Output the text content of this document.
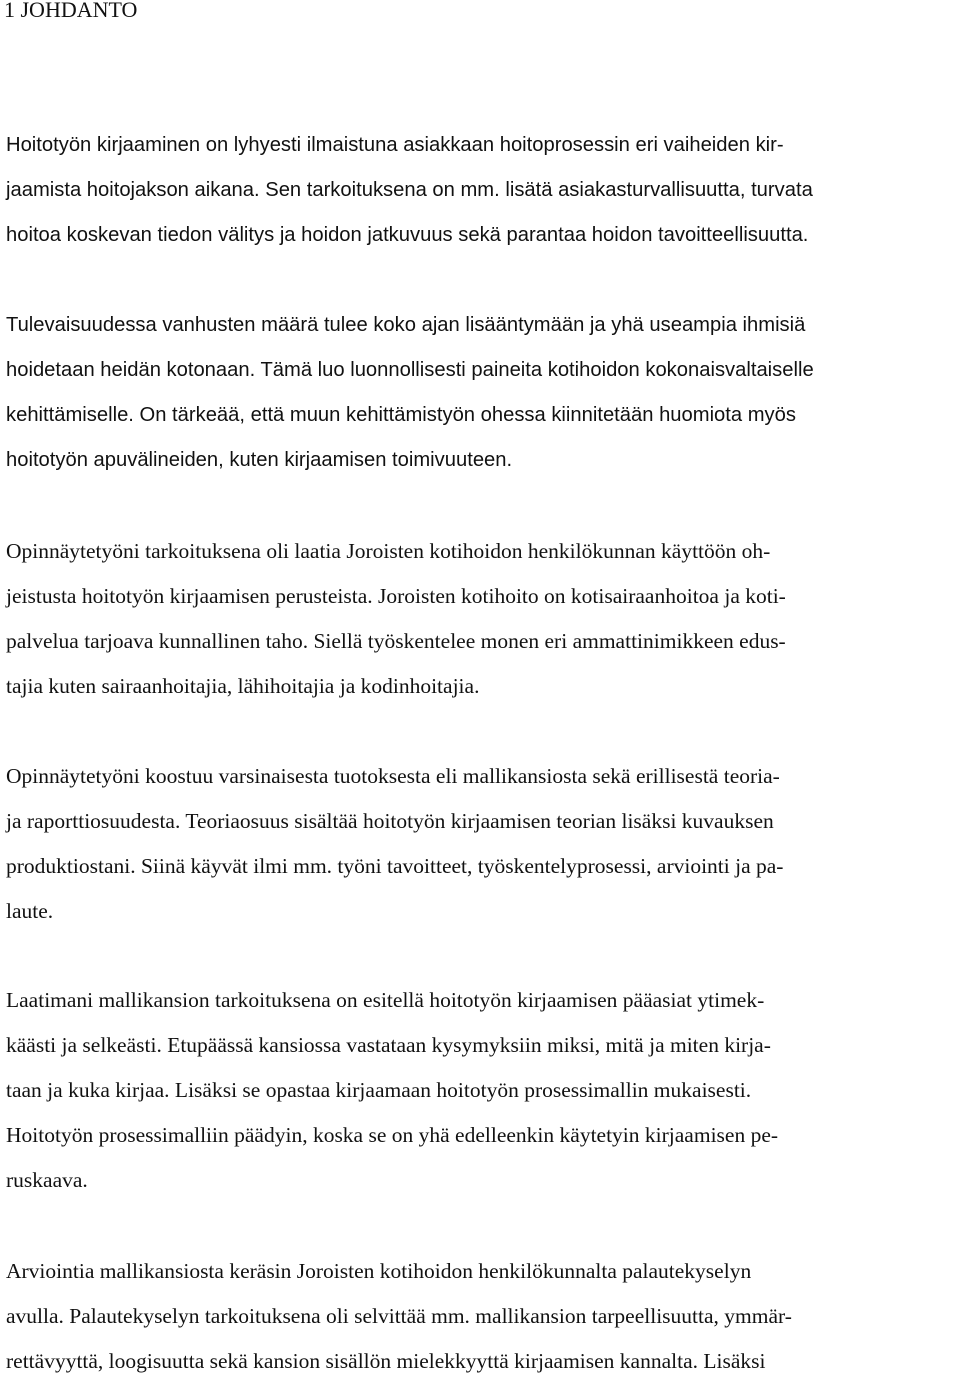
1 JOHDANTO

Hoitotyön kirjaaminen on lyhyesti ilmaistuna asiakkaan hoitoprosessin eri vaiheiden kir-
jaamista hoitojakson aikana. Sen tarkoituksena on mm. lisätä asiakasturvallisuutta, turvata
hoitoa koskevan tiedon välitys ja hoidon jatkuvuus sekä parantaa hoidon tavoitteellisuutta.

Tulevaisuudessa vanhusten määrä tulee koko ajan lisääntymään ja yhä useampia ihmisiä
hoidetaan heidän kotonaan. Tämä luo luonnollisesti paineita kotihoidon kokonaisvaltaiselle
kehittämiselle. On tärkeää, että muun kehittämistyön ohessa kiinnitetään huomiota myös
hoitotyön apuvälineiden, kuten kirjaamisen toimivuuteen.

Opinnäytetyöni tarkoituksena oli laatia Joroisten kotihoidon henkilökunnan käyttöön oh-
jeistusta hoitotyön kirjaamisen perusteista. Joroisten kotihoito on kotisairaanhoitoa ja koti-
palvelua tarjoava kunnallinen taho. Siellä työskentelee monen eri ammattinimikkeen edus-
tajia kuten sairaanhoitajia, lähihoitajia ja kodinhoitajia.

Opinnäytetyöni koostuu varsinaisesta tuotoksesta eli mallikansiosta sekä erillisestä teoria-
ja raporttiosuudesta. Teoriaosuus sisältää hoitotyön kirjaamisen teorian lisäksi kuvauksen
produktiostani. Siinä käyvät ilmi mm. työni tavoitteet, työskentelyprosessi, arviointi ja pa-
laute.

Laatimani mallikansion tarkoituksena on esitellä hoitotyön kirjaamisen pääasiat ytimek-
käästi ja selkeästi. Etupäässä kansiossa vastataan kysymyksiin miksi, mitä ja miten kirja-
taan ja kuka kirjaa. Lisäksi se opastaa kirjaamaan hoitotyön prosessimallin mukaisesti.
Hoitotyön prosessimalliin päädyin, koska se on yhä edelleenkin käytetyin kirjaamisen pe-
ruskaava.

Arviointia mallikansiosta keräsin Joroisten kotihoidon henkilökunnalta palautekyselyn
avulla. Palautekyselyn tarkoituksena oli selvittää mm. mallikansion tarpeellisuutta, ymmär-
rettävyyttä, loogisuutta sekä kansion sisällön mielekkyyttä kirjaamisen kannalta. Lisäksi
